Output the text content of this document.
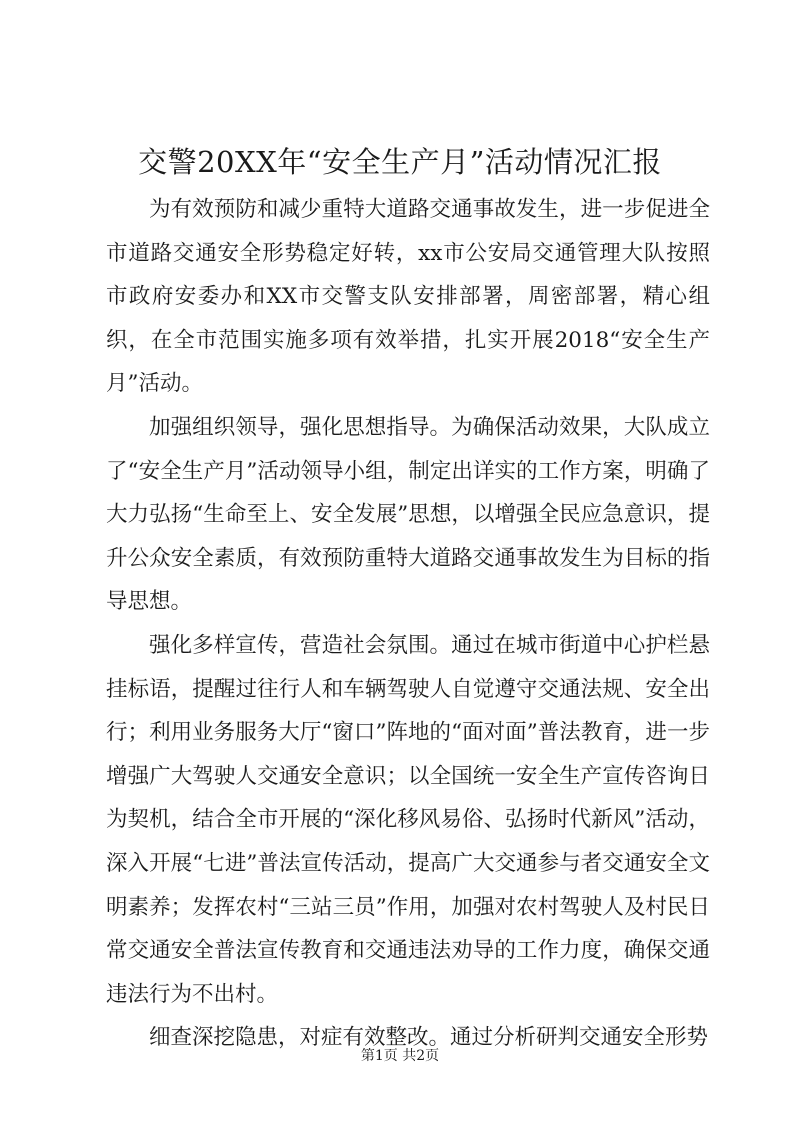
交警20XX年“安全生产月”活动情况汇报

为有效预防和减少重特大道路交通事故发生，进一步促进全市道路交通安全形势稳定好转，xx市公安局交通管理大队按照市政府安委办和XX市交警支队安排部署，周密部署，精心组织，在全市范围实施多项有效举措，扎实开展2018“安全生产月”活动。

加强组织领导，强化思想指导。为确保活动效果，大队成立了“安全生产月”活动领导小组，制定出详实的工作方案，明确了大力弘扬“生命至上、安全发展”思想，以增强全民应急意识，提升公众安全素质，有效预防重特大道路交通事故发生为目标的指导思想。

强化多样宣传，营造社会氛围。通过在城市街道中心护栏悬挂标语，提醒过往行人和车辆驾驶人自觉遵守交通法规、安全出行；利用业务服务大厅“窗口”阵地的“面对面”普法教育，进一步增强广大驾驶人交通安全意识；以全国统一安全生产宣传咨询日为契机，结合全市开展的“深化移风易俗、弘扬时代新风”活动，深入开展“七进”普法宣传活动，提高广大交通参与者交通安全文明素养；发挥农村“三站三员”作用，加强对农村驾驶人及村民日常交通安全普法宣传教育和交通违法劝导的工作力度，确保交通违法行为不出村。

细查深挖隐患，对症有效整改。通过分析研判交通安全形势

第1页 共2页
